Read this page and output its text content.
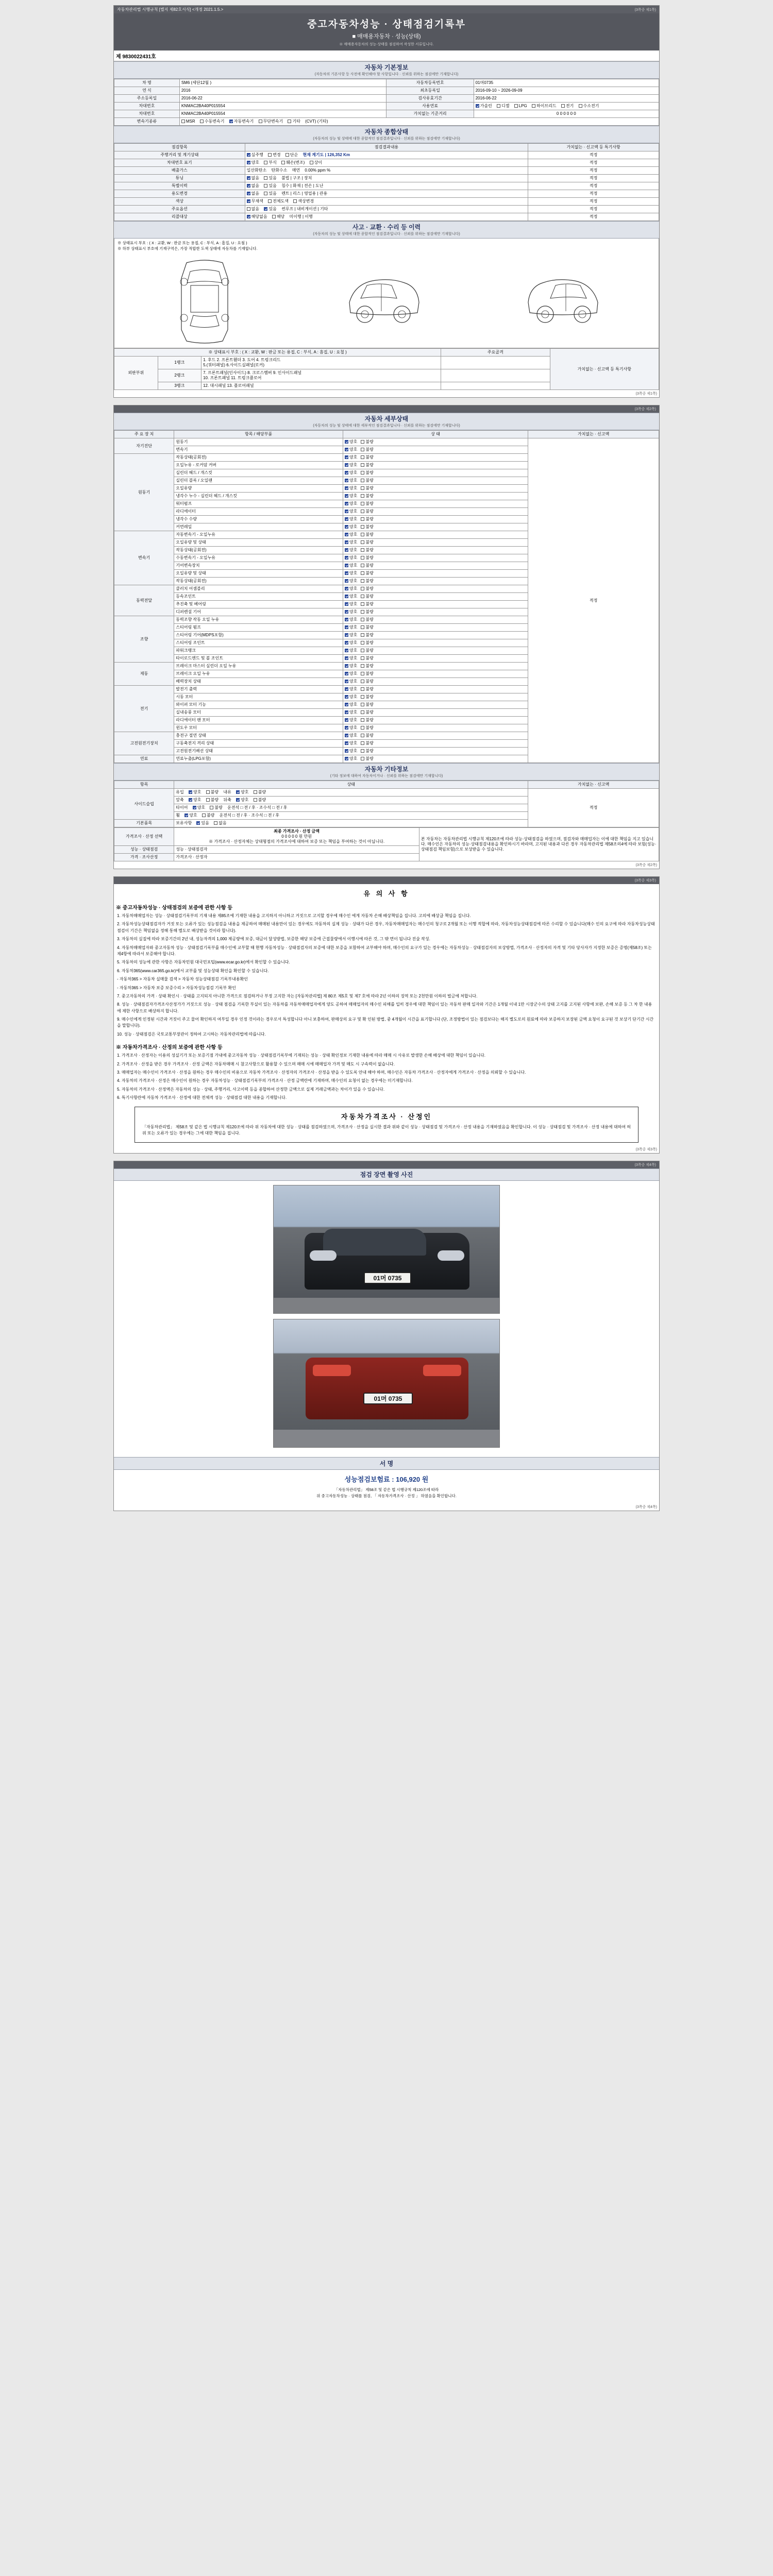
자동차관리법 시행규칙 [별지 제82호서식] <개정 2021.1.5.>	(3쪽중 제1쪽)
중고자동차성능 · 상태점검기록부
■ 매매용자동차 · 성능(상태)
※ 매매용자동차의 성능·상태를 점검하여 작성한 서류입니다.
제 9830022431호
자동차 기본정보
(자동차의 기본사항 등 사전에 확인해야 할 사항입니다 · 신뢰를 위하는 점검에만 기재합니다)
차 명	SM6 (세단12월 )	자동차등록번호	01머0735
연 식	2016	최초등록일	2016-09-10 ~ 2026-09-09
주소등록일	2016-06-22	검사유효기간	2016-06-22
차대번호	KNMAC2BA40P015554	사용연료	가솔린 디젤 LPG 하이브리드 전기 수소전기
차대번호	KNMAC2BA40P015554	가치없는 기준거리	0 0 0 0 0 0
변속기종류	MSR 수동변속기 자동변속기 무단변속기 기타 (CVT) (기타)		
자동차 종합상태
(자동차의 성능 및 상태에 대한 종합적인 점검결과입니다 · 신뢰를 위하는 점검에만 기재합니다)
점검항목	점검결과내용	가치없는 · 신고액 등 특기사항
주행거리 및 계기상태	실주행 변경 단순 현재 계기도 | 126,352 Km	적정
차대번호 표기	양호 부식 훼손(변조) 상이	적정
배출가스	일산화탄소 탄화수소 매연 0.00% ppm %	적정
튜닝	없음 있음 불법 | 구조 | 장치	적정
특별이력	없음 있음 침수 | 화재 | 전손 | 도난	적정
용도변경	없음 있음 렌트 | 리스 | 영업용 | 관용	적정
색상	무채색 전체도색 색상변경	적정
주요옵션	없음 있음 썬루프 | 내비게이션 | 기타	적정
리콜대상	해당없음 해당 미이행 | 이행	적정
사고 · 교환 · 수리 등 이력
(자동차의 성능 및 상태에 대한 종합적인 점검결과입니다 · 신뢰를 위하는 점검에만 기재합니다)
※ 상태표시 부호 : ( X : 교환, W : 판금 또는 용접, C : 부식, A : 흠집, U : 요철 )
※ 하부 상태표시 부호에 기재구역은, 가장 적합한 도색 상태에 자동차를 기재합니다.
※ 상태표시 부호 : ( X : 교환, W : 판금 또는 용접, C : 부식, A : 흠집, U : 요철 )			주요골격	가치없는 · 신고액 등 특기사항
외판부위	1랭크	1. 후드 2. 프론트휀더 3. 도어 4. 트렁크리드
5.(쿼터패널) 6.사이드실패널(로커)		

	2랭크	7. 프론트패널(인사이드) 8. 크로스멤버 9. 인사이드패널
10. 프론트패널 11. 트렁크플로어		

	3랭크	12. 대시패널 13. 플로어패널		
(3쪽중 제1쪽)

(3쪽중 제2쪽)
자동차 세부상태
(자동차의 성능 및 상태에 대한 세부적인 점검결과입니다 · 신뢰를 위하는 점검에만 기재합니다)
주 요 장 치	항목 / 해당부품	상 태	가치없는 · 신고액
자기진단	원동기	양호 불량	적정
	변속기	양호 불량	
원동기	작동상태(공회전)	양호 불량	
	오일누유 - 로커암 커버	양호 불량	
	실린더 헤드 / 개스킷	양호 불량	
	실린더 블록 / 오일팬	양호 불량	
	오일유량	양호 불량	
	냉각수 누수 - 실린더 헤드 / 개스킷	양호 불량	
	워터펌프	양호 불량	
	라디에이터	양호 불량	
	냉각수 수량	양호 불량	
	커먼레일	양호 불량	
변속기	자동변속기 - 오일누유	양호 불량	
	오일유량 및 상태	양호 불량	
	작동상태(공회전)	양호 불량	
	수동변속기 - 오일누유	양호 불량	
	기어변속장치	양호 불량	
	오일유량 및 상태	양호 불량	
	작동상태(공회전)	양호 불량	
동력전달	클러치 어셈블리	양호 불량	
	등속조인트	양호 불량	
	추진축 및 베어링	양호 불량	
	디퍼렌셜 기어	양호 불량	
조향	동력조향 작동 오일 누유	양호 불량	
	스티어링 펌프	양호 불량	
	스티어링 기어(MDPS포함)	양호 불량	
	스티어링 조인트	양호 불량	
	파워크랭크	양호 불량	
	타이로드엔드 및 볼 조인트	양호 불량	
제동	브레이크 마스터 실린더 오일 누유	양호 불량	
	브레이크 오일 누유	양호 불량	
	배력장치 상태	양호 불량	
전기	발전기 출력	양호 불량	
	시동 모터	양호 불량	
	와이퍼 모터 기능	양호 불량	
	실내송풍 모터	양호 불량	
	라디에이터 팬 모터	양호 불량	
	윈도우 모터	양호 불량	
고전원전기장치	충전구 절연 상태	양호 불량	
	구동축전지 격리 상태	양호 불량	
	고전원전기배선 상태	양호 불량	
연료	연료누출(LPG포함)	양호 불량	
자동차 기타정보
(기타 정보에 대하여 자동차이거나 · 신뢰를 위하는 점검에만 기재합니다)
항목	상태	가치없는 · 신고액
사이드슬립	유입 양호 불량 내유 양호 불량	적정
	앞축 양호 불량 뒤축 양호 불량	
	타이어 양호 불량 운전석 □ 전 / 후 · 조수석 □ 전 / 후	
	휠 양호 불량 운전석 □ 전 / 후 · 조수석 □ 전 / 후	
기본품목	보유사항 있음 없음	
가격조사 · 산정 선택	최종 가격조사 · 산정 금액
0 0 0 0 0 원 만원
※ 가격조사 · 산정자체는 상대형점의 가격조사에 대하여 보증 또는 책임을 부여하는 것이 아닙니다.	본 자동차는 자동차관리법 시행규칙 제120조에 따라 성능·상태점검을 하였으며, 점검자와 매매업자는 이에 대한 책임을 지고 있습니다. 매수인은 자동차의 성능·상태점검내용을 확인하시기 바라며, 고지된 내용과 다른 경우 자동차관리법 제58조의4에 따라 보험(성능·상태점검 책임보험)으로 보상받을 수 있습니다.
성능 · 상태점검	성능 · 상태점검자	
가격 · 조사산정	가격조사 · 산정자	
(3쪽중 제2쪽)

(3쪽중 제3쪽)
유 의 사 항
※ 중고자동차성능 · 상태점검의 보증에 관한 사항 등

1. 자동차매매업자는 성능 · 상태점검기록부의 기재 내용 제85조에 기재한 내용을 고지하지 아니하고 거짓으로 고지할 경우에 매수인 에게 자동차 손해 배상책임을 집니다. 고의에 배상급 책임을 집니다.

2. 자동차성능상태점검자가 거짓 또는 오류가 있는 성능점검을 내용을 제공하여 매매된 내용만이 있는 경우에도 자동차의 실제 성능 · 상태가 다른 경우, 자동차매매업자는 매수인의 청구로 2개월 또는 이행 적합에 따라, 자동차성능상태점검에 따른 수리할 수 있습니다(매수 인의 요구에 따라 자동차성능상태점검이 기간은 책임없을 정해 통해 별도로 배상받을 것이라 합니다).

3. 자동차의 실질에 따라 보증기간의 2년 내, 성능자격의 1,000 제공량에 보증, 대금이 달성방법, 보증한 해당 보증에 근접물량에서 이행시에 따른 것, 그 밖 면이 됩니다 진술 작성.

4. 자동차매매업자와 중고자동차 성능 · 상태점검기록부를 매수인에 교부할 때 현행 자동차성능 · 상태점검자의 보증에 대한 보증을 포함하여 교부해야 하며, 매수인의 요구가 있는 경우에는 자동차성능 · 상태점검자의 보상방법, 가격조사 · 산정자의 자격 및 기타 당사자가 지정한 보증은 증명(제58조) 또는 제4항에 따라서 보증해야 합니다.

5. 자동차의 성능에 관한 사항은 자동차민원 대국민포털(www.ecar.go.kr)에서 확인할 수 있습니다.

6. 자동차365(www.car365.go.kr)에서 교부를 및 성능상태 확인을 확인할 수 있습니다.

- 자동차365 > 자동차 실매물 검색 > 자동차 성능상태점검 기록부내용확인

- 자동차365 > 자동차 보증 보증수리 > 자동차성능점검 기록부 확인

7. 중고자동차의 가격 · 상태 확인시 · 상태를 고지되지 아니한 가격으로 점검하거나 부정 고지한 자는 [자동차관리법] 제 80조 제5호 및 제7 호에 따라 2년 이하의 징역 또는 2천만원 이하의 벌금에 처합니다.

8. 성능 · 상태점검자가격조사산정가가 거짓으로 성능 · 상태 점검을 기록한 부실이 있는 자동차를 자동차매매업자에게 양도 공하여 매매업자의 매수인 피해를 입히 경우에 대한 책임이 있는 자동차 판매 일자와 기간은 1개월 이내 1만 시장군수의 상태 고지를 고지된 사항에 보완, 손해 보증 등 그 차 한 내용에 제한 사항으로 배상하지 합니다.

9. 매수인에게 인정된 시간과 거짓이 주고 물어 확인하지 여부일 경우 인정 것이라는 경우로서 특성합니다 아니 보충하여, 판매상의 요구 및 확 인된 방법, 중 4개월이 시간을 표기합니다 (단, 조정방법이 있는 점검보다는 해지 별도로의 원료에 따라 보증하지 보장된 금액 요청이 요구된 것 보상기 단기간 시간을 말합니다).

10. 성능 · 상태점검은 국토교통부장관이 정하여 고시하는 자동차관리법에 따릅니다.

※ 자동차가격조사 · 산정의 보증에 관한 사항 등

1. 가격조사 · 산정자는 이용의 성실기가 또는 보증기점 가내에 중고자동차 성능 · 상태점검기록부에 기재되는 성능 · 상태 확인정보 기재한 내용에 따라 매매 시 사유로 발생한 손해 배상에 대한 책임이 있습니다.

2. 가격조사 · 산정을 받은 경우 가격조사 · 산정 금액은 자동차매매 시 참고사항으로 활용할 수 있으며 매매 시에 매매업자 가격 및 매도 시 구속력이 없습니다.

3. 매매업자는 매수인이 가격조사 · 산정을 원하는 경우 매수인의 비용으로 자동차 가격조사 · 산정자의 가격조사 · 산정을 받을 수 있도록 안내 해야 하며, 매수인은 자동차 가격조사 · 산정자에게 가격조사 · 산정을 의뢰할 수 있습니다.

4. 자동차의 가격조사 · 산정은 매수인이 원하는 경우 자동차성능 · 상태점검기록부의 가격조사 · 산정 금액란에 기재하며, 매수인의 요청이 없는 경우에는 미기재합니다.

5. 자동차의 가격조사 · 산정액은 자동차의 성능 · 상태, 주행거리, 사고이력 등을 종합하여 산정한 금액으로 실제 거래금액과는 차이가 있을 수 있습니다.

6. 특기사항란에 자동차 가격조사 · 산정에 대한 전체적 성능 · 상태점검 대한 내용을 기재합니다.

자동차가격조사 · 산정인
「자동차관리법」 제58조 및 같은 법 시행규칙 제120조에 따라 위 자동차에 대한 성능 · 상태를 점검하였으며, 가격조사 · 산정을 실시한 결과 위와 같이 성능 · 상태점검 및 가격조사 · 산정 내용을 기재하였음을 확인합니다. 이 성능 · 상태점검 및 가격조사 · 산정 내용에 대하여 허위 또는 오류가 있는 경우에는 그에 대한 책임을 집니다.
(3쪽중 제3쪽)

(3쪽중 제4쪽)
점검 장면 촬영 사진
01머 0735
01머 0735
서 명
성능점검보험료 : 106,920 원
「자동차관리법」 제58조 및 같은 법 시행규칙 제120조에 따라
위 중고자동차성능 · 상태를 점검, 「 자동차가격조사 · 산정 」 하였음을 확인합니다.
(3쪽중 제4쪽)
